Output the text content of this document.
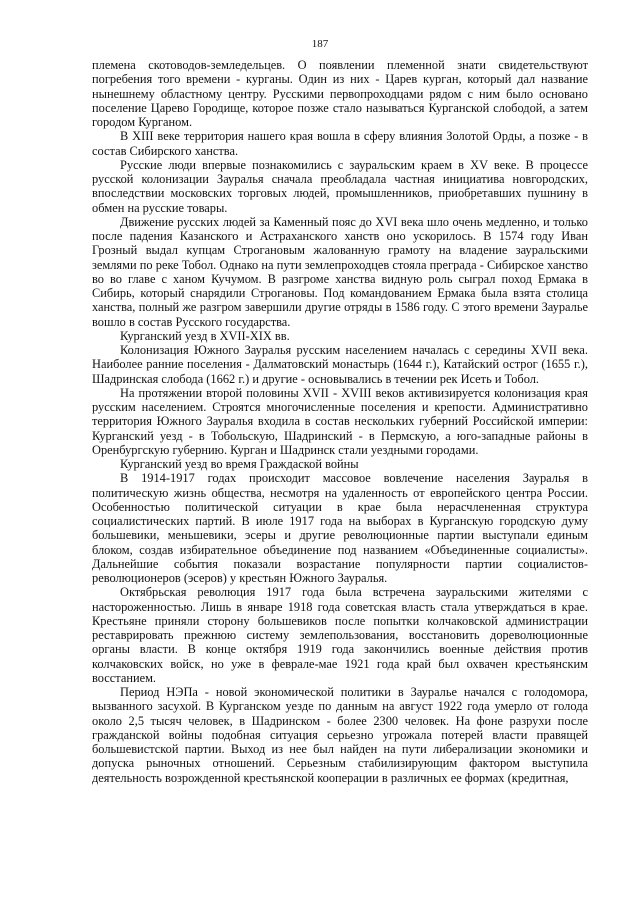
187

племена скотоводов-земледельцев. О появлении племенной знати свидетельствуют погребения того времени - курганы. Один из них - Царев курган, который дал название нынешнему областному центру. Русскими первопроходцами рядом с ним было основано поселение Царево Городище, которое позже стало называться Курганской слободой, а затем городом Курганом.

В XIII веке территория нашего края вошла в сферу влияния Золотой Орды, а позже - в состав Сибирского ханства.

Русские люди впервые познакомились с зауральским краем в XV веке. В процессе русской колонизации Зауралья сначала преобладала частная инициатива новгородских, впоследствии московских торговых людей, промышленников, приобретавших пушнину в обмен на русские товары.

Движение русских людей за Каменный пояс до XVI века шло очень медленно, и только после падения Казанского и Астраханского ханств оно ускорилось. В 1574 году Иван Грозный выдал купцам Строгановым жалованную грамоту на владение зауральскими землями по реке Тобол. Однако на пути землепроходцев стояла преграда - Сибирское ханство во во главе с ханом Кучумом. В разгроме ханства видную роль сыграл поход Ермака в Сибирь, который снарядили Строгановы. Под командованием Ермака была взята столица ханства, полный же разгром завершили другие отряды в 1586 году. С этого времени Зауралье вошло в состав Русского государства.

Курганский уезд в XVII-XIX вв.

Колонизация Южного Зауралья русским населением началась с середины XVII века. Наиболее ранние поселения - Далматовский монастырь (1644 г.), Катайский острог (1655 г.), Шадринская слобода (1662 г.) и другие - основывались в течении рек Исеть и Тобол.

На протяжении второй половины XVII - XVIII веков активизируется колонизация края русским населением. Строятся многочисленные поселения и крепости. Административно территория Южного Зауралья входила в состав нескольких губерний Российской империи: Курганский уезд - в Тобольскую, Шадринский - в Пермскую, а юго-западные районы в Оренбургскую губернию. Курган и Шадринск стали уездными городами.

Курганский уезд во время Граждаской войны

В 1914-1917 годах происходит массовое вовлечение населения Зауралья в политическую жизнь общества, несмотря на удаленность от европейского центра России. Особенностью политической ситуации в крае была нерасчлененная структура социалистических партий. В июле 1917 года на выборах в Курганскую городскую думу большевики, меньшевики, эсеры и другие революционные партии выступали единым блоком, создав избирательное объединение под названием «Объединенные социалисты». Дальнейшие события показали возрастание популярности партии социалистов-революционеров (эсеров) у крестьян Южного Зауралья.

Октябрьская революция 1917 года была встречена зауральскими жителями с настороженностью. Лишь в январе 1918 года советская власть стала утверждаться в крае. Крестьяне приняли сторону большевиков после попытки колчаковской администрации реставрировать прежнюю систему землепользования, восстановить дореволюционные органы власти. В конце октября 1919 года закончились военные действия против колчаковских войск, но уже в феврале-мае 1921 года край был охвачен крестьянским восстанием.

Период НЭПа - новой экономической политики в Зауралье начался с голодомора, вызванного засухой. В Курганском уезде по данным на август 1922 года умерло от голода около 2,5 тысяч человек, в Шадринском - более 2300 человек. На фоне разрухи после гражданской войны подобная ситуация серьезно угрожала потерей власти правящей большевистской партии. Выход из нее был найден на пути либерализации экономики и допуска рыночных отношений. Серьезным стабилизирующим фактором выступила деятельность возрожденной крестьянской кооперации в различных ее формах (кредитная,
